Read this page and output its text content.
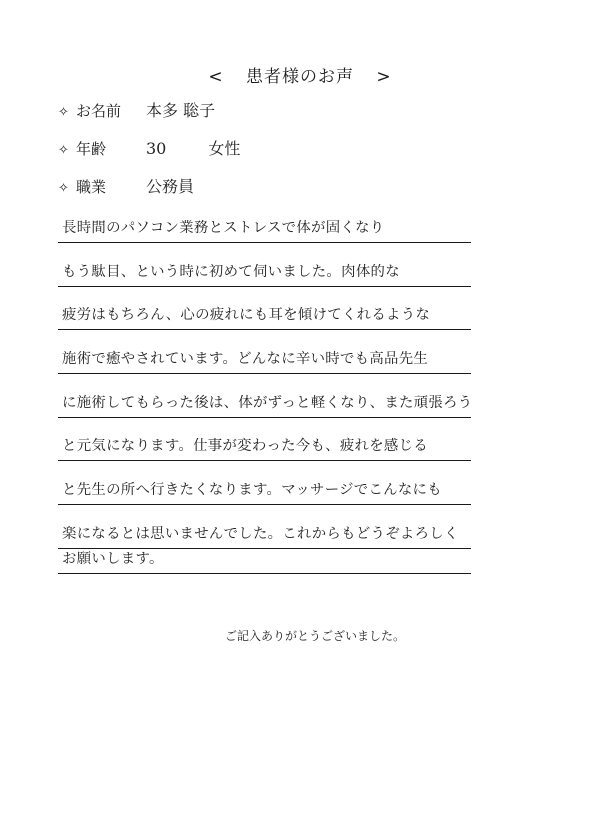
< 患者様のお声 >
✧ お名前 本多 聡子
✧ 年齢 30	女性
✧ 職業 公務員
長時間のパソコン業務とストレスで体が固くなり
もう駄目、という時に初めて伺いました。肉体的な
疲労はもちろん、心の疲れにも耳を傾けてくれるような
施術で癒やされています。どんなに辛い時でも高品先生
に施術してもらった後は、体がずっと軽くなり、また頑張ろう
と元気になります。仕事が変わった今も、疲れを感じる
と先生の所へ行きたくなります。マッサージでこんなにも
楽になるとは思いませんでした。これからもどうぞよろしく
お願いします。
ご記入ありがとうございました。
